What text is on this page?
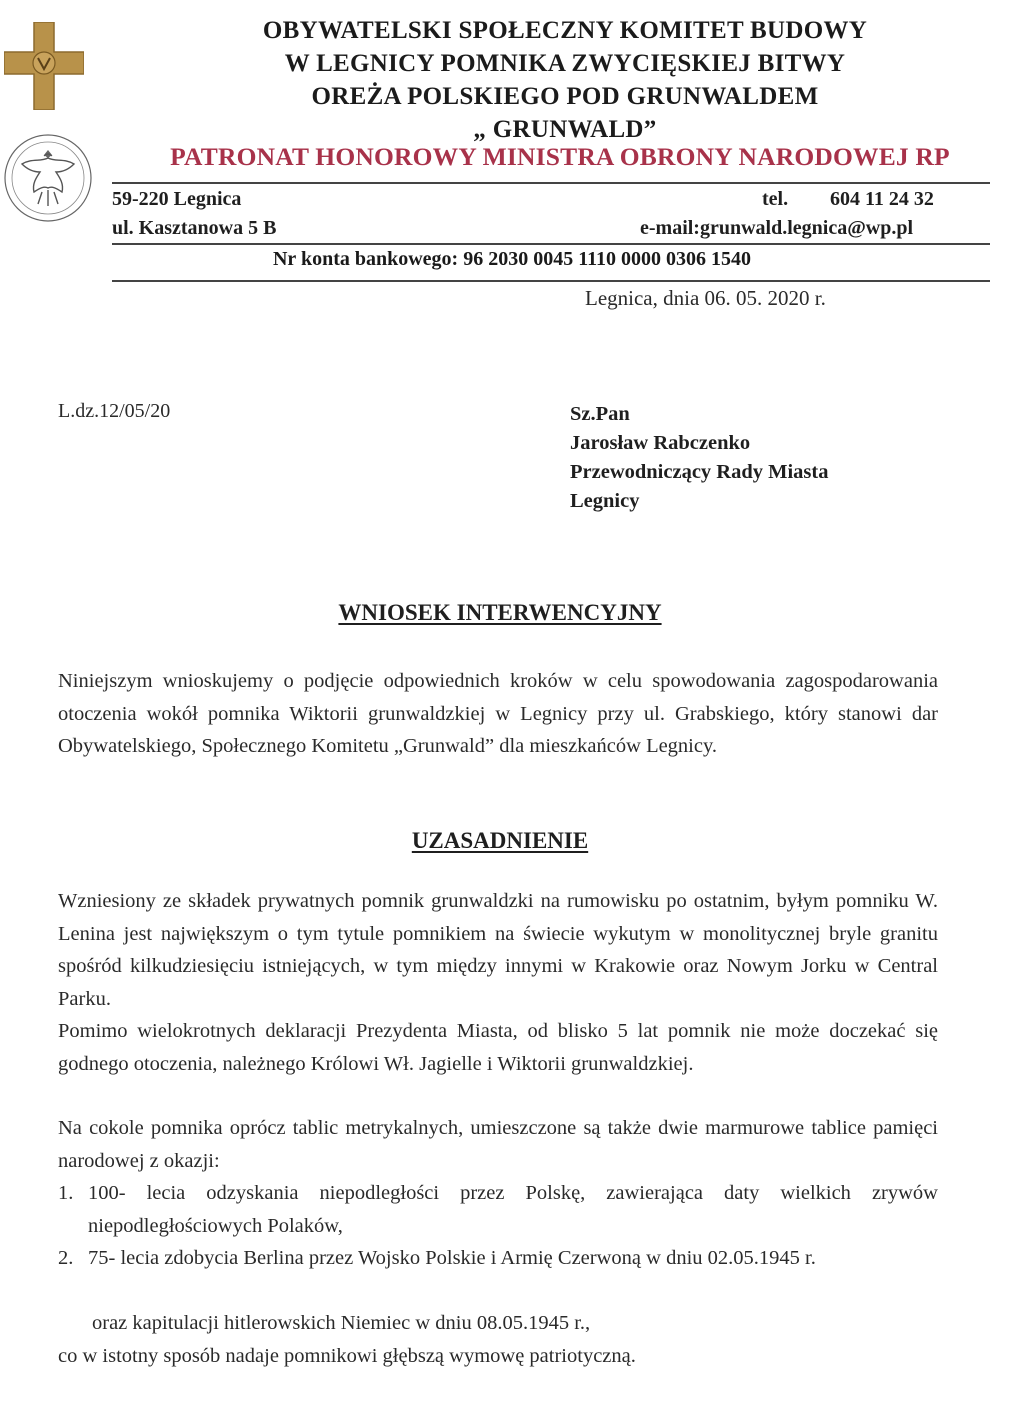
OBYWATELSKI SPOŁECZNY KOMITET BUDOWY
W LEGNICY POMNIKA ZWYCIĘSKIEJ BITWY
OREŻA POLSKIEGO POD GRUNWALDEM
„ GRUNWALD”
PATRONAT HONOROWY MINISTRA OBRONY NARODOWEJ RP
59-220 Legnica
ul. Kasztanowa 5 B
tel. 604 11 24 32
e-mail:grunwald.legnica@wp.pl
Nr konta bankowego: 96 2030 0045 1110 0000 0306 1540
Legnica, dnia 06. 05. 2020 r.
L.dz.12/05/20	Sz.Pan
Jarosław Rabczenko
Przewodniczący Rady Miasta
Legnicy
WNIOSEK INTERWENCYJNY
Niniejszym wnioskujemy o podjęcie odpowiednich kroków w celu spowodowania zagospodarowania otoczenia wokół pomnika Wiktorii grunwaldzkiej w Legnicy przy ul. Grabskiego, który stanowi dar Obywatelskiego, Społecznego Komitetu „Grunwald” dla mieszkańców Legnicy.
UZASADNIENIE
Wzniesiony ze składek prywatnych pomnik grunwaldzki na rumowisku po ostatnim, byłym pomniku W. Lenina jest największym o tym tytule pomnikiem na świecie wykutym w monolitycznej bryle granitu spośród kilkudziesięciu istniejących, w tym między innymi w Krakowie oraz Nowym Jorku w Central Parku.
Pomimo wielokrotnych deklaracji Prezydenta Miasta, od blisko 5 lat pomnik nie może doczekać się godnego otoczenia, należnego Królowi Wł. Jagielle i Wiktorii grunwaldzkiej.
Na cokole pomnika oprócz tablic metrykalnych, umieszczone są także dwie marmurowe tablice pamięci narodowej z okazji:
1. 100- lecia odzyskania niepodległości przez Polskę, zawierająca daty wielkich zrywów niepodległościowych Polaków,
2. 75- lecia zdobycia Berlina przez Wojsko Polskie i Armię Czerwoną w dniu 02.05.1945 r.
oraz kapitulacji hitlerowskich Niemiec w dniu 08.05.1945 r.,
co w istotny sposób nadaje pomnikowi głębszą wymowę patriotyczną.
